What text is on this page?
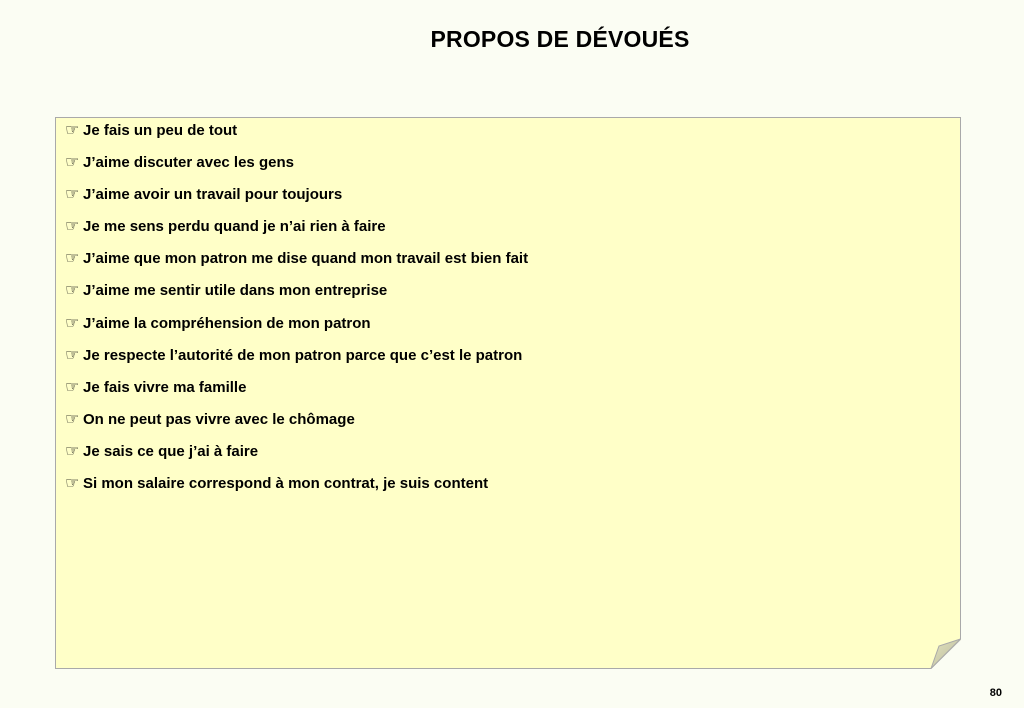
PROPOS DE DÉVOUÉS
☞ Je fais un peu de tout
☞ J’aime discuter avec les gens
☞ J’aime avoir un travail pour toujours
☞ Je me sens perdu quand je n’ai rien à faire
☞ J’aime que mon patron me dise quand mon travail est bien fait
☞ J’aime me sentir utile dans mon entreprise
☞ J’aime la compréhension de mon patron
☞ Je respecte l’autorité de mon patron parce que c’est le patron
☞ Je fais vivre ma famille
☞ On ne peut pas vivre avec le chômage
☞ Je sais ce que j’ai à faire
☞ Si mon salaire correspond à mon contrat, je suis content
80
